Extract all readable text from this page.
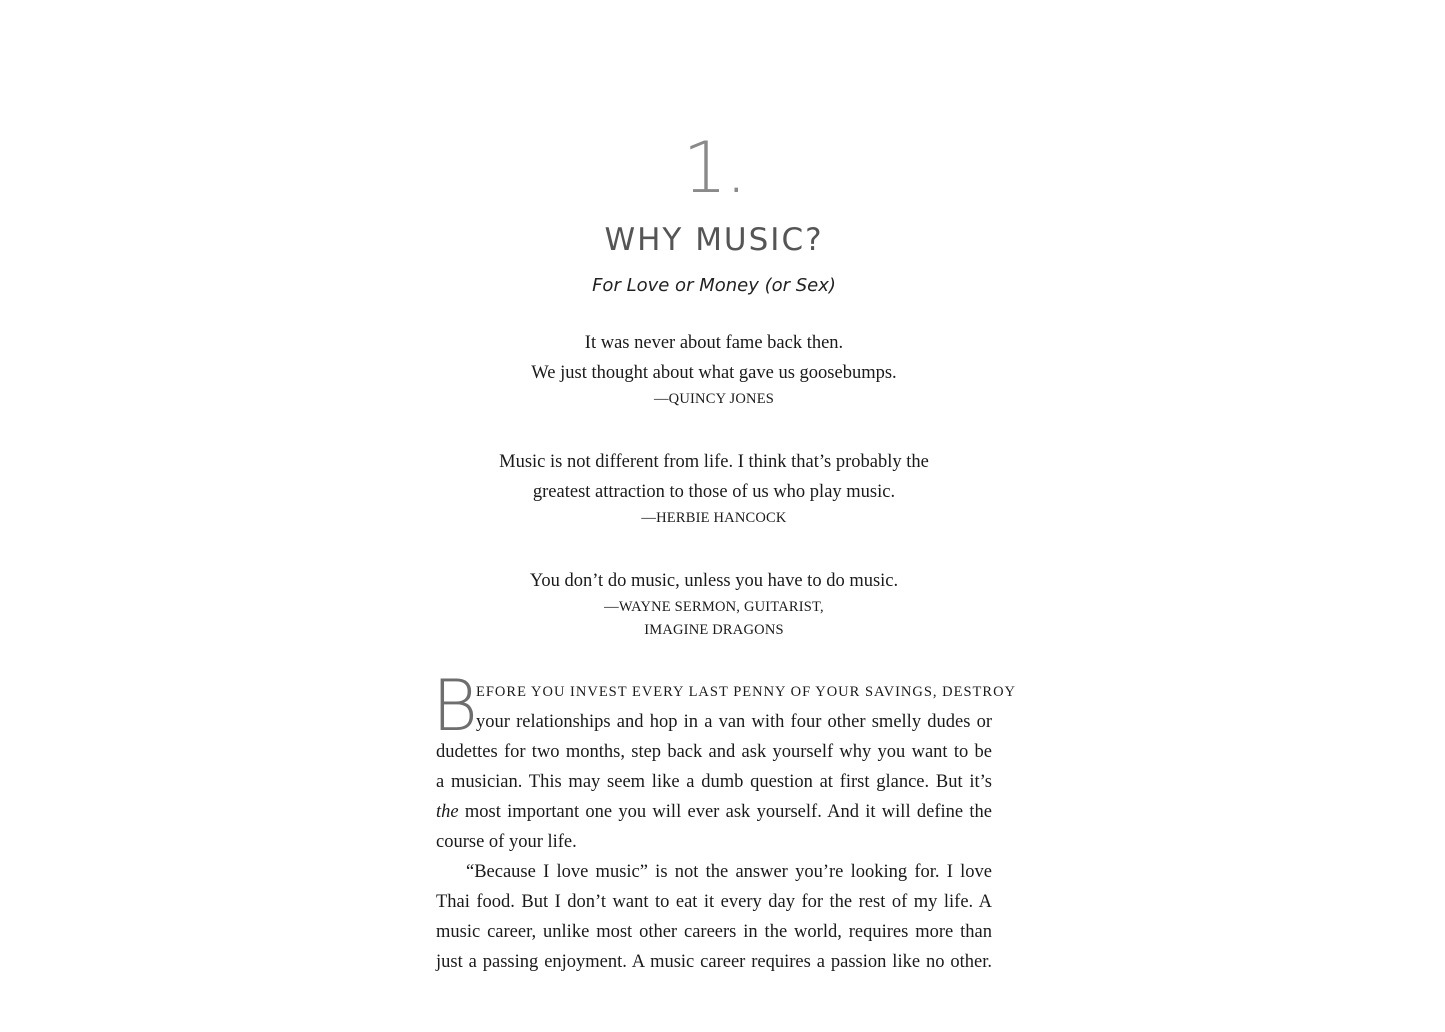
1.
WHY MUSIC?
For Love or Money (or Sex)
It was never about fame back then.
We just thought about what gave us goosebumps.
—QUINCY JONES
Music is not different from life. I think that’s probably the
greatest attraction to those of us who play music.
—HERBIE HANCOCK
You don’t do music, unless you have to do music.
—WAYNE SERMON, GUITARIST,
IMAGINE DRAGONS
B
EFORE YOU INVEST EVERY LAST PENNY OF YOUR SAVINGS, DESTROY
your relationships and hop in a van with four other smelly dudes or
dudettes for two months, step back and ask yourself why you want to be
a musician. This may seem like a dumb question at first glance. But it’s
the most important one you will ever ask yourself. And it will define the
course of your life.
“Because I love music” is not the answer you’re looking for. I love
Thai food. But I don’t want to eat it every day for the rest of my life. A
music career, unlike most other careers in the world, requires more than
just a passing enjoyment. A music career requires a passion like no other.
